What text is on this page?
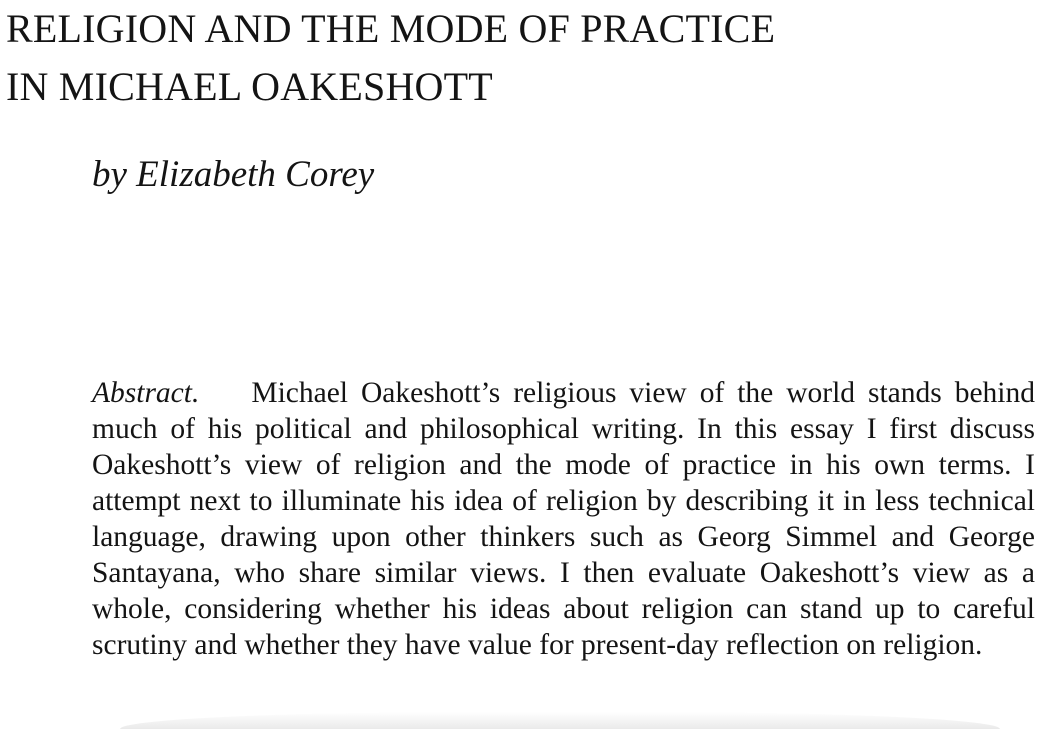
RELIGION AND THE MODE OF PRACTICE
IN MICHAEL OAKESHOTT
by Elizabeth Corey
Abstract. Michael Oakeshott’s religious view of the world stands behind much of his political and philosophical writing. In this essay I first discuss Oakeshott’s view of religion and the mode of practice in his own terms. I attempt next to illuminate his idea of religion by describing it in less technical language, drawing upon other thinkers such as Georg Simmel and George Santayana, who share similar views. I then evaluate Oakeshott’s view as a whole, considering whether his ideas about religion can stand up to careful scrutiny and whether they have value for present-day reflection on religion.
